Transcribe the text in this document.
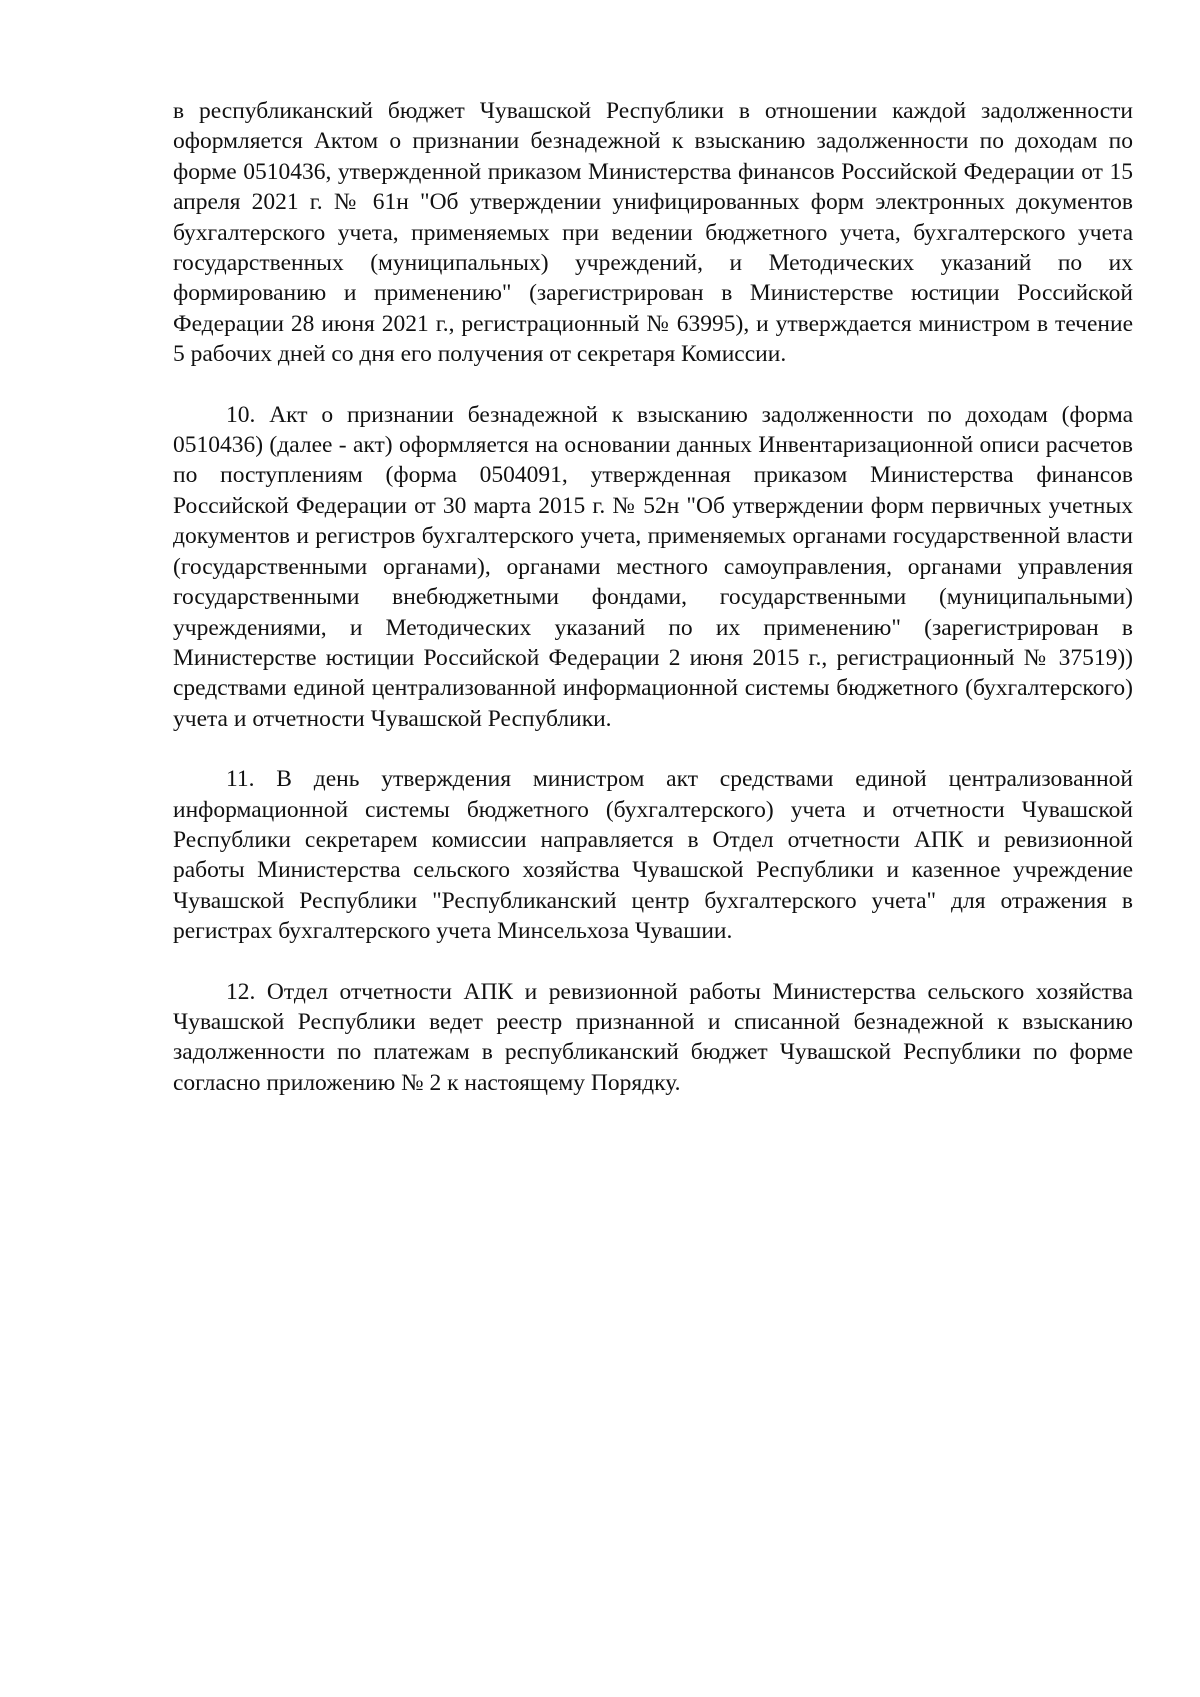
в республиканский бюджет Чувашской Республики в отношении каждой задолженности оформляется Актом о признании безнадежной к взысканию задолженности по доходам по форме 0510436, утвержденной приказом Министерства финансов Российской Федерации от 15 апреля 2021 г. № 61н "Об утверждении унифицированных форм электронных документов бухгалтерского учета, применяемых при ведении бюджетного учета, бухгалтерского учета государственных (муниципальных) учреждений, и Методических указаний по их формированию и применению" (зарегистрирован в Министерстве юстиции Российской Федерации 28 июня 2021 г., регистрационный № 63995), и утверждается министром в течение 5 рабочих дней со дня его получения от секретаря Комиссии.

10. Акт о признании безнадежной к взысканию задолженности по доходам (форма 0510436) (далее - акт) оформляется на основании данных Инвентаризационной описи расчетов по поступлениям (форма 0504091, утвержденная приказом Министерства финансов Российской Федерации от 30 марта 2015 г. № 52н "Об утверждении форм первичных учетных документов и регистров бухгалтерского учета, применяемых органами государственной власти (государственными органами), органами местного самоуправления, органами управления государственными внебюджетными фондами, государственными (муниципальными) учреждениями, и Методических указаний по их применению" (зарегистрирован в Министерстве юстиции Российской Федерации 2 июня 2015 г., регистрационный № 37519)) средствами единой централизованной информационной системы бюджетного (бухгалтерского) учета и отчетности Чувашской Республики.

11. В день утверждения министром акт средствами единой централизованной информационной системы бюджетного (бухгалтерского) учета и отчетности Чувашской Республики секретарем комиссии направляется в Отдел отчетности АПК и ревизионной работы Министерства сельского хозяйства Чувашской Республики и казенное учреждение Чувашской Республики "Республиканский центр бухгалтерского учета" для отражения в регистрах бухгалтерского учета Минсельхоза Чувашии.

12. Отдел отчетности АПК и ревизионной работы Министерства сельского хозяйства Чувашской Республики ведет реестр признанной и списанной безнадежной к взысканию задолженности по платежам в республиканский бюджет Чувашской Республики по форме согласно приложению № 2 к настоящему Порядку.
